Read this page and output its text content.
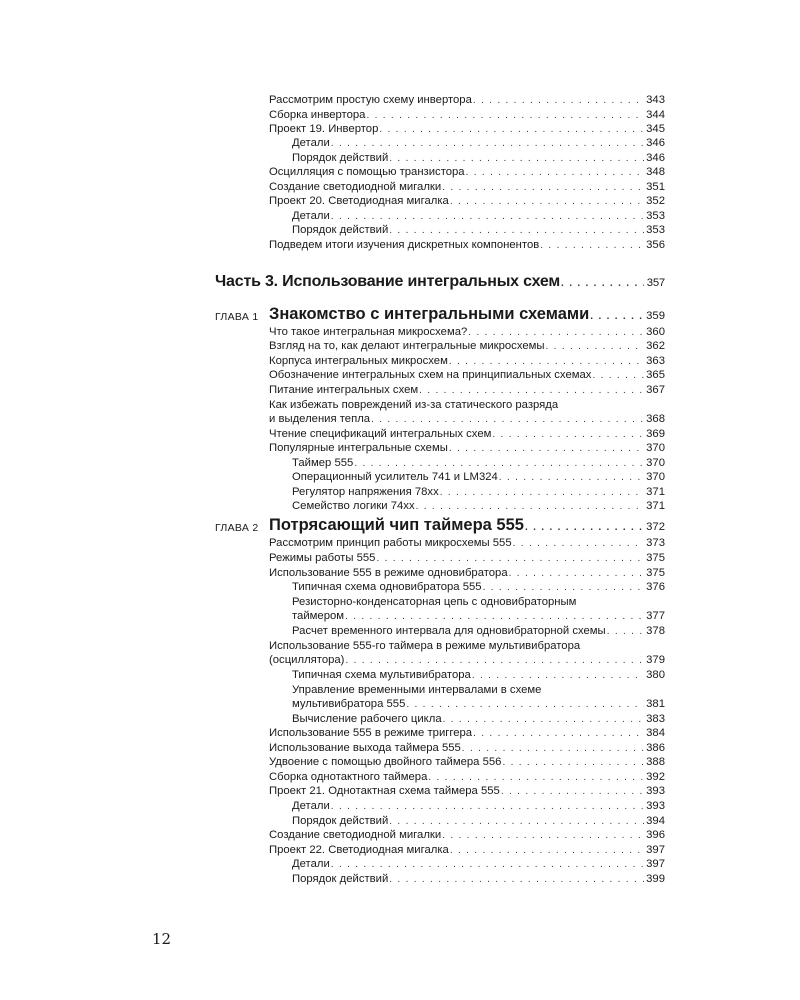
Рассмотрим простую схему инвертора . . .	343
Сборка инвертора . . .	344
Проект 19. Инвертор . . .	345
Детали . . .	346
Порядок действий . . .	346
Осцилляция с помощью транзистора . . .	348
Создание светодиодной мигалки . . .	351
Проект 20. Светодиодная мигалка . . .	352
Детали . . .	353
Порядок действий . . .	353
Подведем итоги изучения дискретных компонентов . . .	356
Часть 3. Использование интегральных схем . . .	357
ГЛАВА 1 Знакомство с интегральными схемами . . .	359
Что такое интегральная микросхема? . . .	360
Взгляд на то, как делают интегральные микросхемы . . .	362
Корпуса интегральных микросхем . . .	363
Обозначение интегральных схем на принципиальных схемах . . .	365
Питание интегральных схем . . .	367
Как избежать повреждений из-за статического разряда
и выделения тепла . . .	368
Чтение спецификаций интегральных схем . . .	369
Популярные интегральные схемы . . .	370
Таймер 555 . . .	370
Операционный усилитель 741 и LM324 . . .	370
Регулятор напряжения 78xx . . .	371
Семейство логики 74xx . . .	371
ГЛАВА 2 Потрясающий чип таймера 555 . . .	372
Рассмотрим принцип работы микросхемы 555 . . .	373
Режимы работы 555 . . .	375
Использование 555 в режиме одновибратора . . .	375
Типичная схема одновибратора 555 . . .	376
Резисторно-конденсаторная цепь с одновибраторным
таймером . . .	377
Расчет временного интервала для одновибраторной схемы . . .	378
Использование 555-го таймера в режиме мультивибратора
(осциллятора) . . .	379
Типичная схема мультивибратора . . .	380
Управление временными интервалами в схеме
мультивибратора 555 . . .	381
Вычисление рабочего цикла . . .	383
Использование 555 в режиме триггера . . .	384
Использование выхода таймера 555 . . .	386
Удвоение с помощью двойного таймера 556 . . .	388
Сборка однотактного таймера . . .	392
Проект 21. Однотактная схема таймера 555 . . .	393
Детали . . .	393
Порядок действий . . .	394
Создание светодиодной мигалки . . .	396
Проект 22. Светодиодная мигалка . . .	397
Детали . . .	397
Порядок действий . . .	399
12
